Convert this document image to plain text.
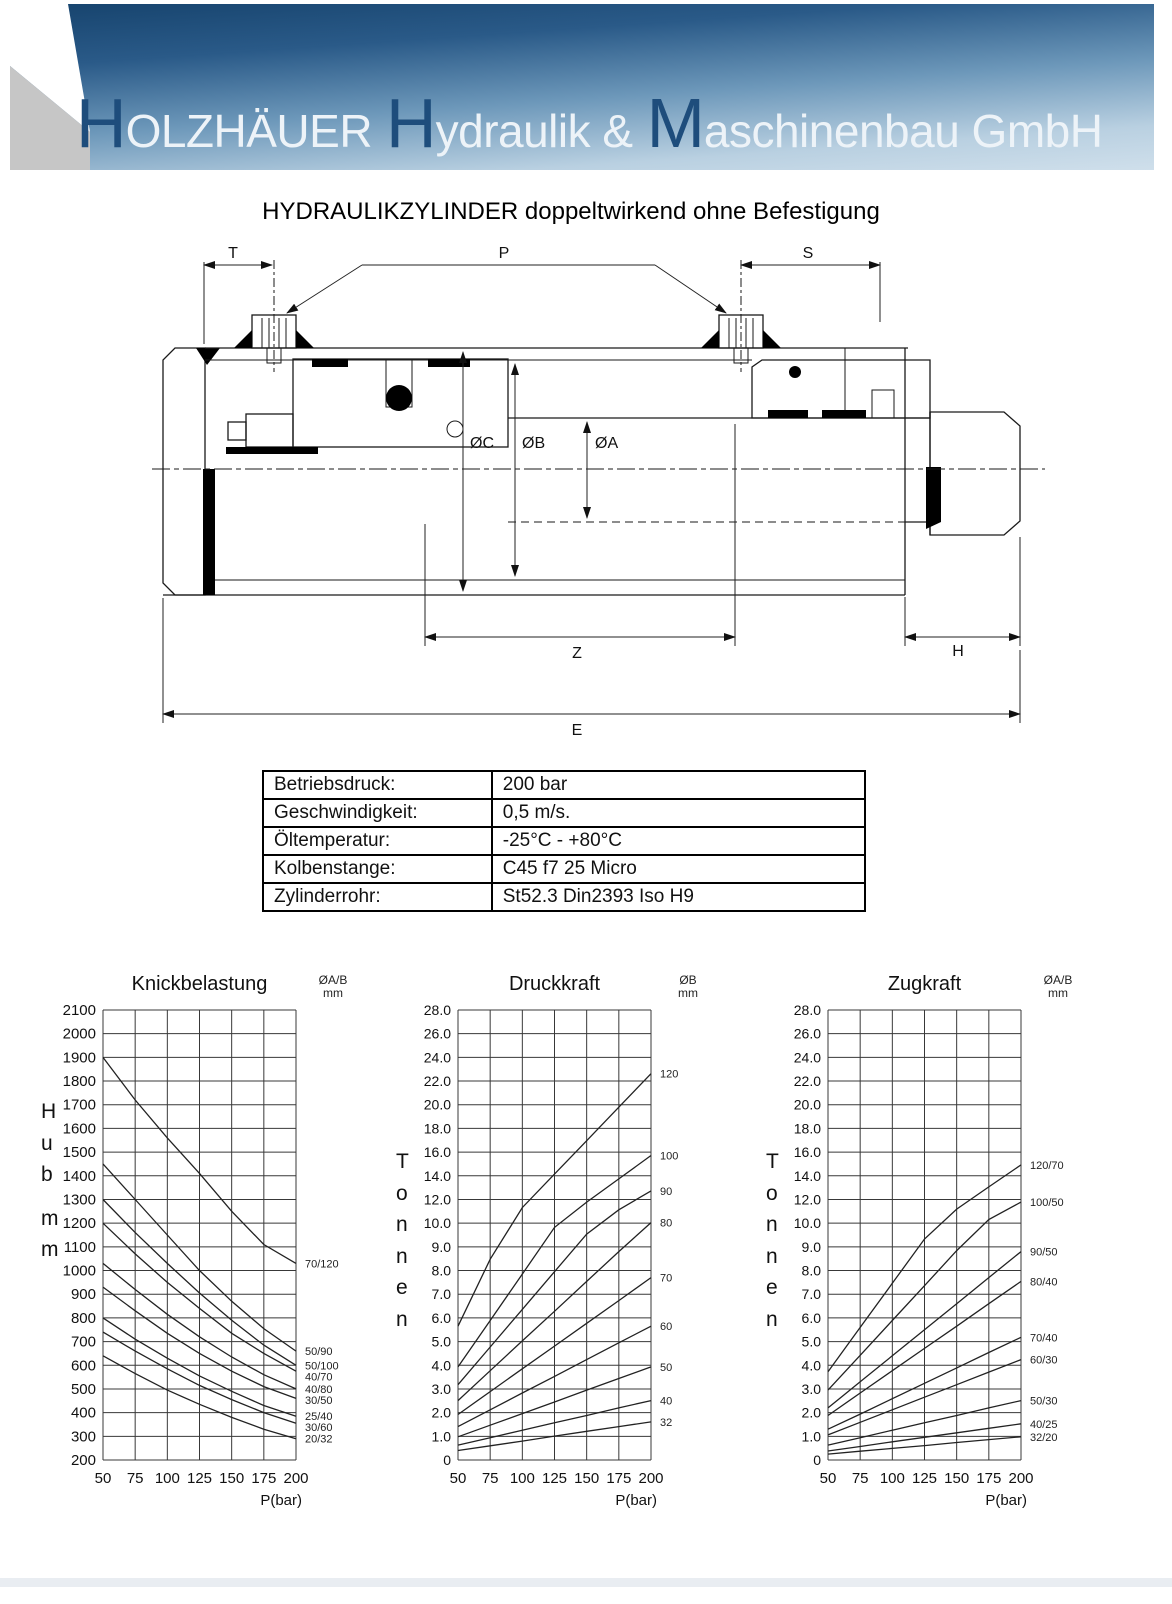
H OLZHÄUER H ydraulik & M aschinenbau GmbH
HYDRAULIKZYLINDER doppeltwirkend ohne Befestigung
T	P	S
ØC ØB	ØA
Z	H
E
Betriebsdruck:	200 bar
Geschwindigkeit:	0,5 m/s.
Öltemperatur:	-25°C - +80°C
Kolbenstange:	C45 f7 25 Micro
Zylinderrohr:	St52.3 Din2393 Iso H9
H
u
b
m
m
Knickbelastung	ØA/B
mm
200
300
400
500
600
700
800
900
1000
1100
1200
1300
1400
1500
1600
1700
1800
1900
2000
2100
50 75 100 125 150 175 200
P(bar)
70/120
50/90
50/100
40/70
40/80
30/50
25/40
30/60
20/32
T
o
n
n
e
n
Druckkraft	ØB
mm
0
1.0
2.0
3.0
4.0
5.0
6.0
7.0
8.0
9.0
10.0
12.0
14.0
16.0
18.0
20.0
22.0
24.0
26.0
28.0
50 75 100 125 150 175 200
P(bar)
120
100
90
80
70
60
50
40
32
T
o
n
n
e
n
Zugkraft	ØA/B
mm
0
1.0
2.0
3.0
4.0
5.0
6.0
7.0
8.0
9.0
10.0
12.0
14.0
16.0
18.0
20.0
22.0
24.0
26.0
28.0
50 75 100 125 150 175 200
P(bar)
120/70
100/50
90/50
80/40
70/40
60/30
50/30
40/25
32/20
